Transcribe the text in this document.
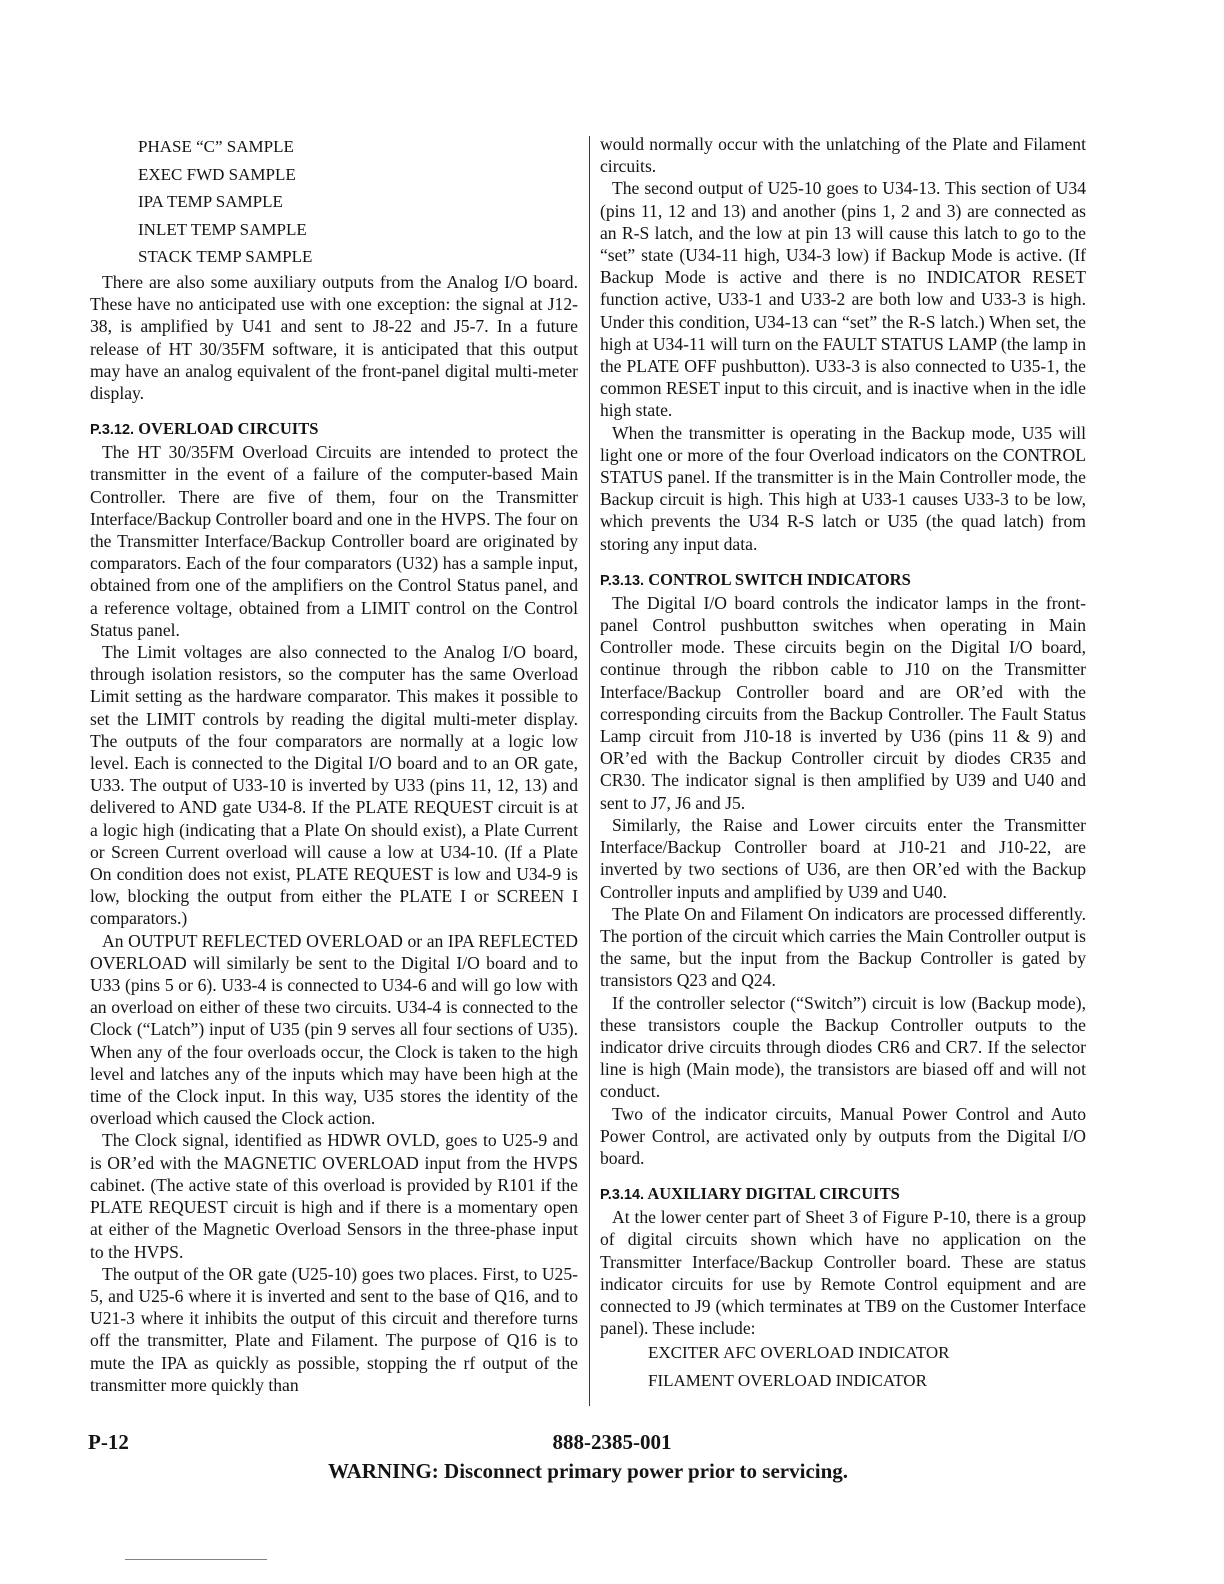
PHASE “C” SAMPLE

EXEC FWD SAMPLE

IPA TEMP SAMPLE

INLET TEMP SAMPLE

STACK TEMP SAMPLE

There are also some auxiliary outputs from the Analog I/O board. These have no anticipated use with one exception: the signal at J12-38, is amplified by U41 and sent to J8-22 and J5-7. In a future release of HT 30/35FM software, it is anticipated that this output may have an analog equivalent of the front-panel digital multi-meter display.

P.3.12. OVERLOAD CIRCUITS

The HT 30/35FM Overload Circuits are intended to protect the transmitter in the event of a failure of the computer-based Main Controller. There are five of them, four on the Transmitter Interface/Backup Controller board and one in the HVPS. The four on the Transmitter Interface/Backup Controller board are originated by comparators. Each of the four comparators (U32) has a sample input, obtained from one of the amplifiers on the Control Status panel, and a reference voltage, obtained from a LIMIT control on the Control Status panel.

The Limit voltages are also connected to the Analog I/O board, through isolation resistors, so the computer has the same Overload Limit setting as the hardware comparator. This makes it possible to set the LIMIT controls by reading the digital multi-meter display. The outputs of the four comparators are normally at a logic low level. Each is connected to the Digital I/O board and to an OR gate, U33. The output of U33-10 is inverted by U33 (pins 11, 12, 13) and delivered to AND gate U34-8. If the PLATE REQUEST circuit is at a logic high (indicating that a Plate On should exist), a Plate Current or Screen Current overload will cause a low at U34-10. (If a Plate On condition does not exist, PLATE REQUEST is low and U34-9 is low, blocking the output from either the PLATE I or SCREEN I comparators.)

An OUTPUT REFLECTED OVERLOAD or an IPA REFLECTED OVERLOAD will similarly be sent to the Digital I/O board and to U33 (pins 5 or 6). U33-4 is connected to U34-6 and will go low with an overload on either of these two circuits. U34-4 is connected to the Clock (“Latch”) input of U35 (pin 9 serves all four sections of U35). When any of the four overloads occur, the Clock is taken to the high level and latches any of the inputs which may have been high at the time of the Clock input. In this way, U35 stores the identity of the overload which caused the Clock action.

The Clock signal, identified as HDWR OVLD, goes to U25-9 and is OR’ed with the MAGNETIC OVERLOAD input from the HVPS cabinet. (The active state of this overload is provided by R101 if the PLATE REQUEST circuit is high and if there is a momentary open at either of the Magnetic Overload Sensors in the three-phase input to the HVPS.

The output of the OR gate (U25-10) goes two places. First, to U25-5, and U25-6 where it is inverted and sent to the base of Q16, and to U21-3 where it inhibits the output of this circuit and therefore turns off the transmitter, Plate and Filament. The purpose of Q16 is to mute the IPA as quickly as possible, stopping the rf output of the transmitter more quickly than

would normally occur with the unlatching of the Plate and Filament circuits.

The second output of U25-10 goes to U34-13. This section of U34 (pins 11, 12 and 13) and another (pins 1, 2 and 3) are connected as an R-S latch, and the low at pin 13 will cause this latch to go to the “set” state (U34-11 high, U34-3 low) if Backup Mode is active. (If Backup Mode is active and there is no INDICATOR RESET function active, U33-1 and U33-2 are both low and U33-3 is high. Under this condition, U34-13 can “set” the R-S latch.) When set, the high at U34-11 will turn on the FAULT STATUS LAMP (the lamp in the PLATE OFF pushbutton). U33-3 is also connected to U35-1, the common RESET input to this circuit, and is inactive when in the idle high state.

When the transmitter is operating in the Backup mode, U35 will light one or more of the four Overload indicators on the CONTROL STATUS panel. If the transmitter is in the Main Controller mode, the Backup circuit is high. This high at U33-1 causes U33-3 to be low, which prevents the U34 R-S latch or U35 (the quad latch) from storing any input data.

P.3.13. CONTROL SWITCH INDICATORS

The Digital I/O board controls the indicator lamps in the front-panel Control pushbutton switches when operating in Main Controller mode. These circuits begin on the Digital I/O board, continue through the ribbon cable to J10 on the Transmitter Interface/Backup Controller board and are OR’ed with the corresponding circuits from the Backup Controller. The Fault Status Lamp circuit from J10-18 is inverted by U36 (pins 11 & 9) and OR’ed with the Backup Controller circuit by diodes CR35 and CR30. The indicator signal is then amplified by U39 and U40 and sent to J7, J6 and J5.

Similarly, the Raise and Lower circuits enter the Transmitter Interface/Backup Controller board at J10-21 and J10-22, are inverted by two sections of U36, are then OR’ed with the Backup Controller inputs and amplified by U39 and U40.

The Plate On and Filament On indicators are processed differently. The portion of the circuit which carries the Main Controller output is the same, but the input from the Backup Controller is gated by transistors Q23 and Q24.

If the controller selector (“Switch”) circuit is low (Backup mode), these transistors couple the Backup Controller outputs to the indicator drive circuits through diodes CR6 and CR7. If the selector line is high (Main mode), the transistors are biased off and will not conduct.

Two of the indicator circuits, Manual Power Control and Auto Power Control, are activated only by outputs from the Digital I/O board.

P.3.14. AUXILIARY DIGITAL CIRCUITS

At the lower center part of Sheet 3 of Figure P-10, there is a group of digital circuits shown which have no application on the Transmitter Interface/Backup Controller board. These are status indicator circuits for use by Remote Control equipment and are connected to J9 (which terminates at TB9 on the Customer Interface panel). These include:

EXCITER AFC OVERLOAD INDICATOR

FILAMENT OVERLOAD INDICATOR

P-12	888-2385-001
WARNING: Disconnect primary power prior to servicing.
